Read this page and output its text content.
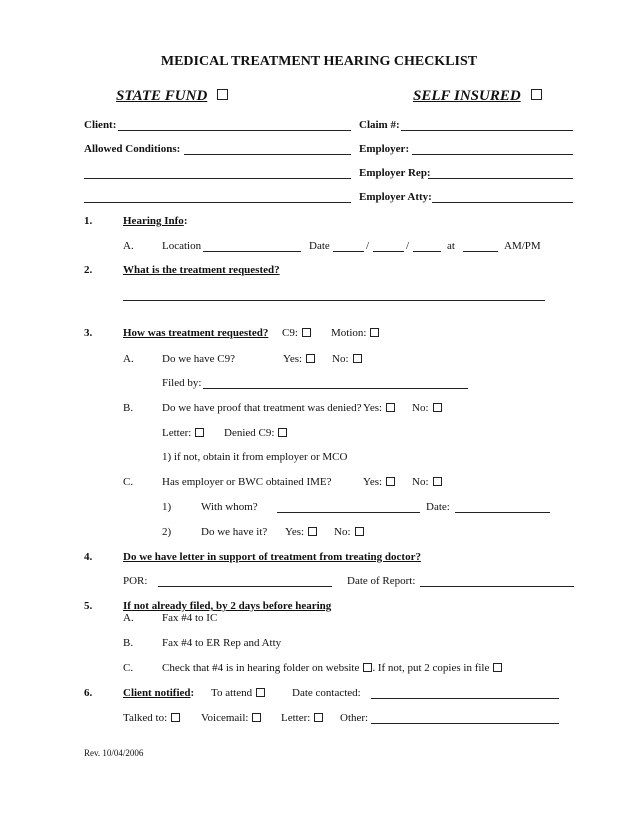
MEDICAL TREATMENT HEARING CHECKLIST
STATE FUND	SELF INSURED
Client:	Claim #:
Allowed Conditions:	Employer:
Employer Rep:
Employer Atty:
1.	Hearing Info:
A.	Location	Date	/	/	at	AM/PM
2.	What is the treatment requested?
3.	How was treatment requested? C9:	Motion:
A.	Do we have C9?	Yes:	No:
Filed by:
B.	Do we have proof that treatment was denied? Yes:	No:
Letter:	Denied C9:
1) if not, obtain it from employer or MCO
C.	Has employer or BWC obtained IME?	Yes:	No:
1)	With whom?	Date:
2)	Do we have it? Yes:	No:
4.	Do we have letter in support of treatment from treating doctor?
POR:	Date of Report:
5.	If not already filed, by 2 days before hearing
A.	Fax #4 to IC
B.	Fax #4 to ER Rep and Atty
C.	Check that #4 is in hearing folder on website . If not, put 2 copies in file
6.	Client notified: To attend	Date contacted:
Talked to:	Voicemail:	Letter:	Other:
Rev. 10/04/2006
